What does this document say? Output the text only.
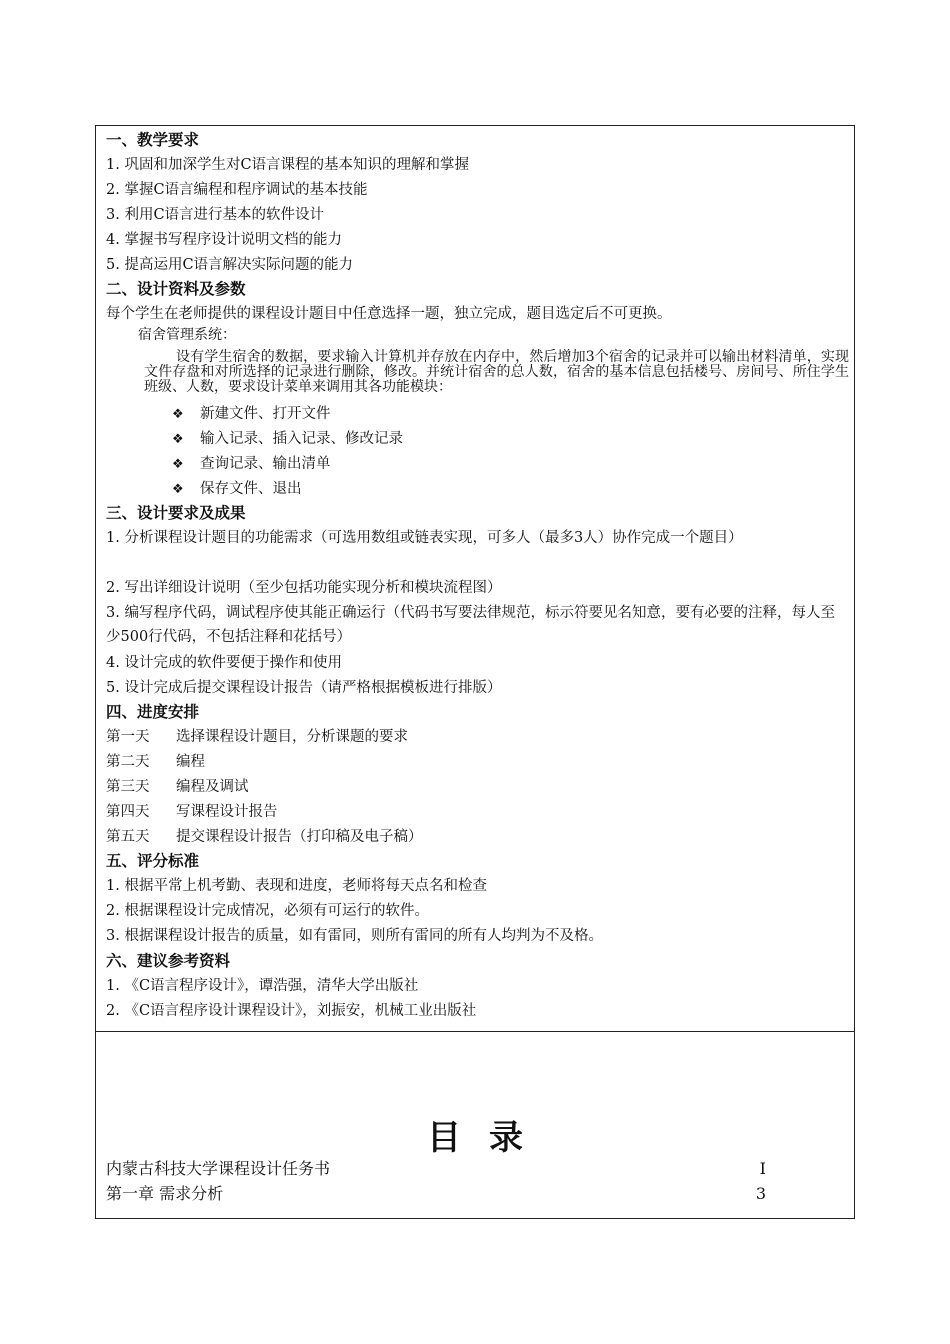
一、教学要求
1. 巩固和加深学生对C语言课程的基本知识的理解和掌握
2. 掌握C语言编程和程序调试的基本技能
3. 利用C语言进行基本的软件设计
4. 掌握书写程序设计说明文档的能力
5. 提高运用C语言解决实际问题的能力
二、设计资料及参数
每个学生在老师提供的课程设计题目中任意选择一题，独立完成，题目选定后不可更换。
宿舍管理系统：
设有学生宿舍的数据，要求输入计算机并存放在内存中，然后增加3个宿舍的记录并可以输出材料清单，实现文件存盘和对所选择的记录进行删除，修改。并统计宿舍的总人数，宿舍的基本信息包括楼号、房间号、所住学生班级、人数，要求设计菜单来调用其各功能模块：
❖ 新建文件、打开文件
❖ 输入记录、插入记录、修改记录
❖ 查询记录、输出清单
❖ 保存文件、退出
三、设计要求及成果
1. 分析课程设计题目的功能需求（可选用数组或链表实现，可多人（最多3人）协作完成一个题目）
2. 写出详细设计说明（至少包括功能实现分析和模块流程图）
3. 编写程序代码，调试程序使其能正确运行（代码书写要法律规范，标示符要见名知意，要有必要的注释，每人至少500行代码，不包括注释和花括号）
4. 设计完成的软件要便于操作和使用
5. 设计完成后提交课程设计报告（请严格根据模板进行排版）
四、进度安排
第一天 选择课程设计题目，分析课题的要求
第二天 编程
第三天 编程及调试
第四天 写课程设计报告
第五天 提交课程设计报告（打印稿及电子稿）
五、评分标准
1. 根据平常上机考勤、表现和进度，老师将每天点名和检查
2. 根据课程设计完成情况，必须有可运行的软件。
3. 根据课程设计报告的质量，如有雷同，则所有雷同的所有人均判为不及格。
六、建议参考资料
1. 《C语言程序设计》，谭浩强，清华大学出版社
2. 《C语言程序设计课程设计》，刘振安，机械工业出版社
目录
内蒙古科技大学课程设计任务书	I
第一章 需求分析	3
